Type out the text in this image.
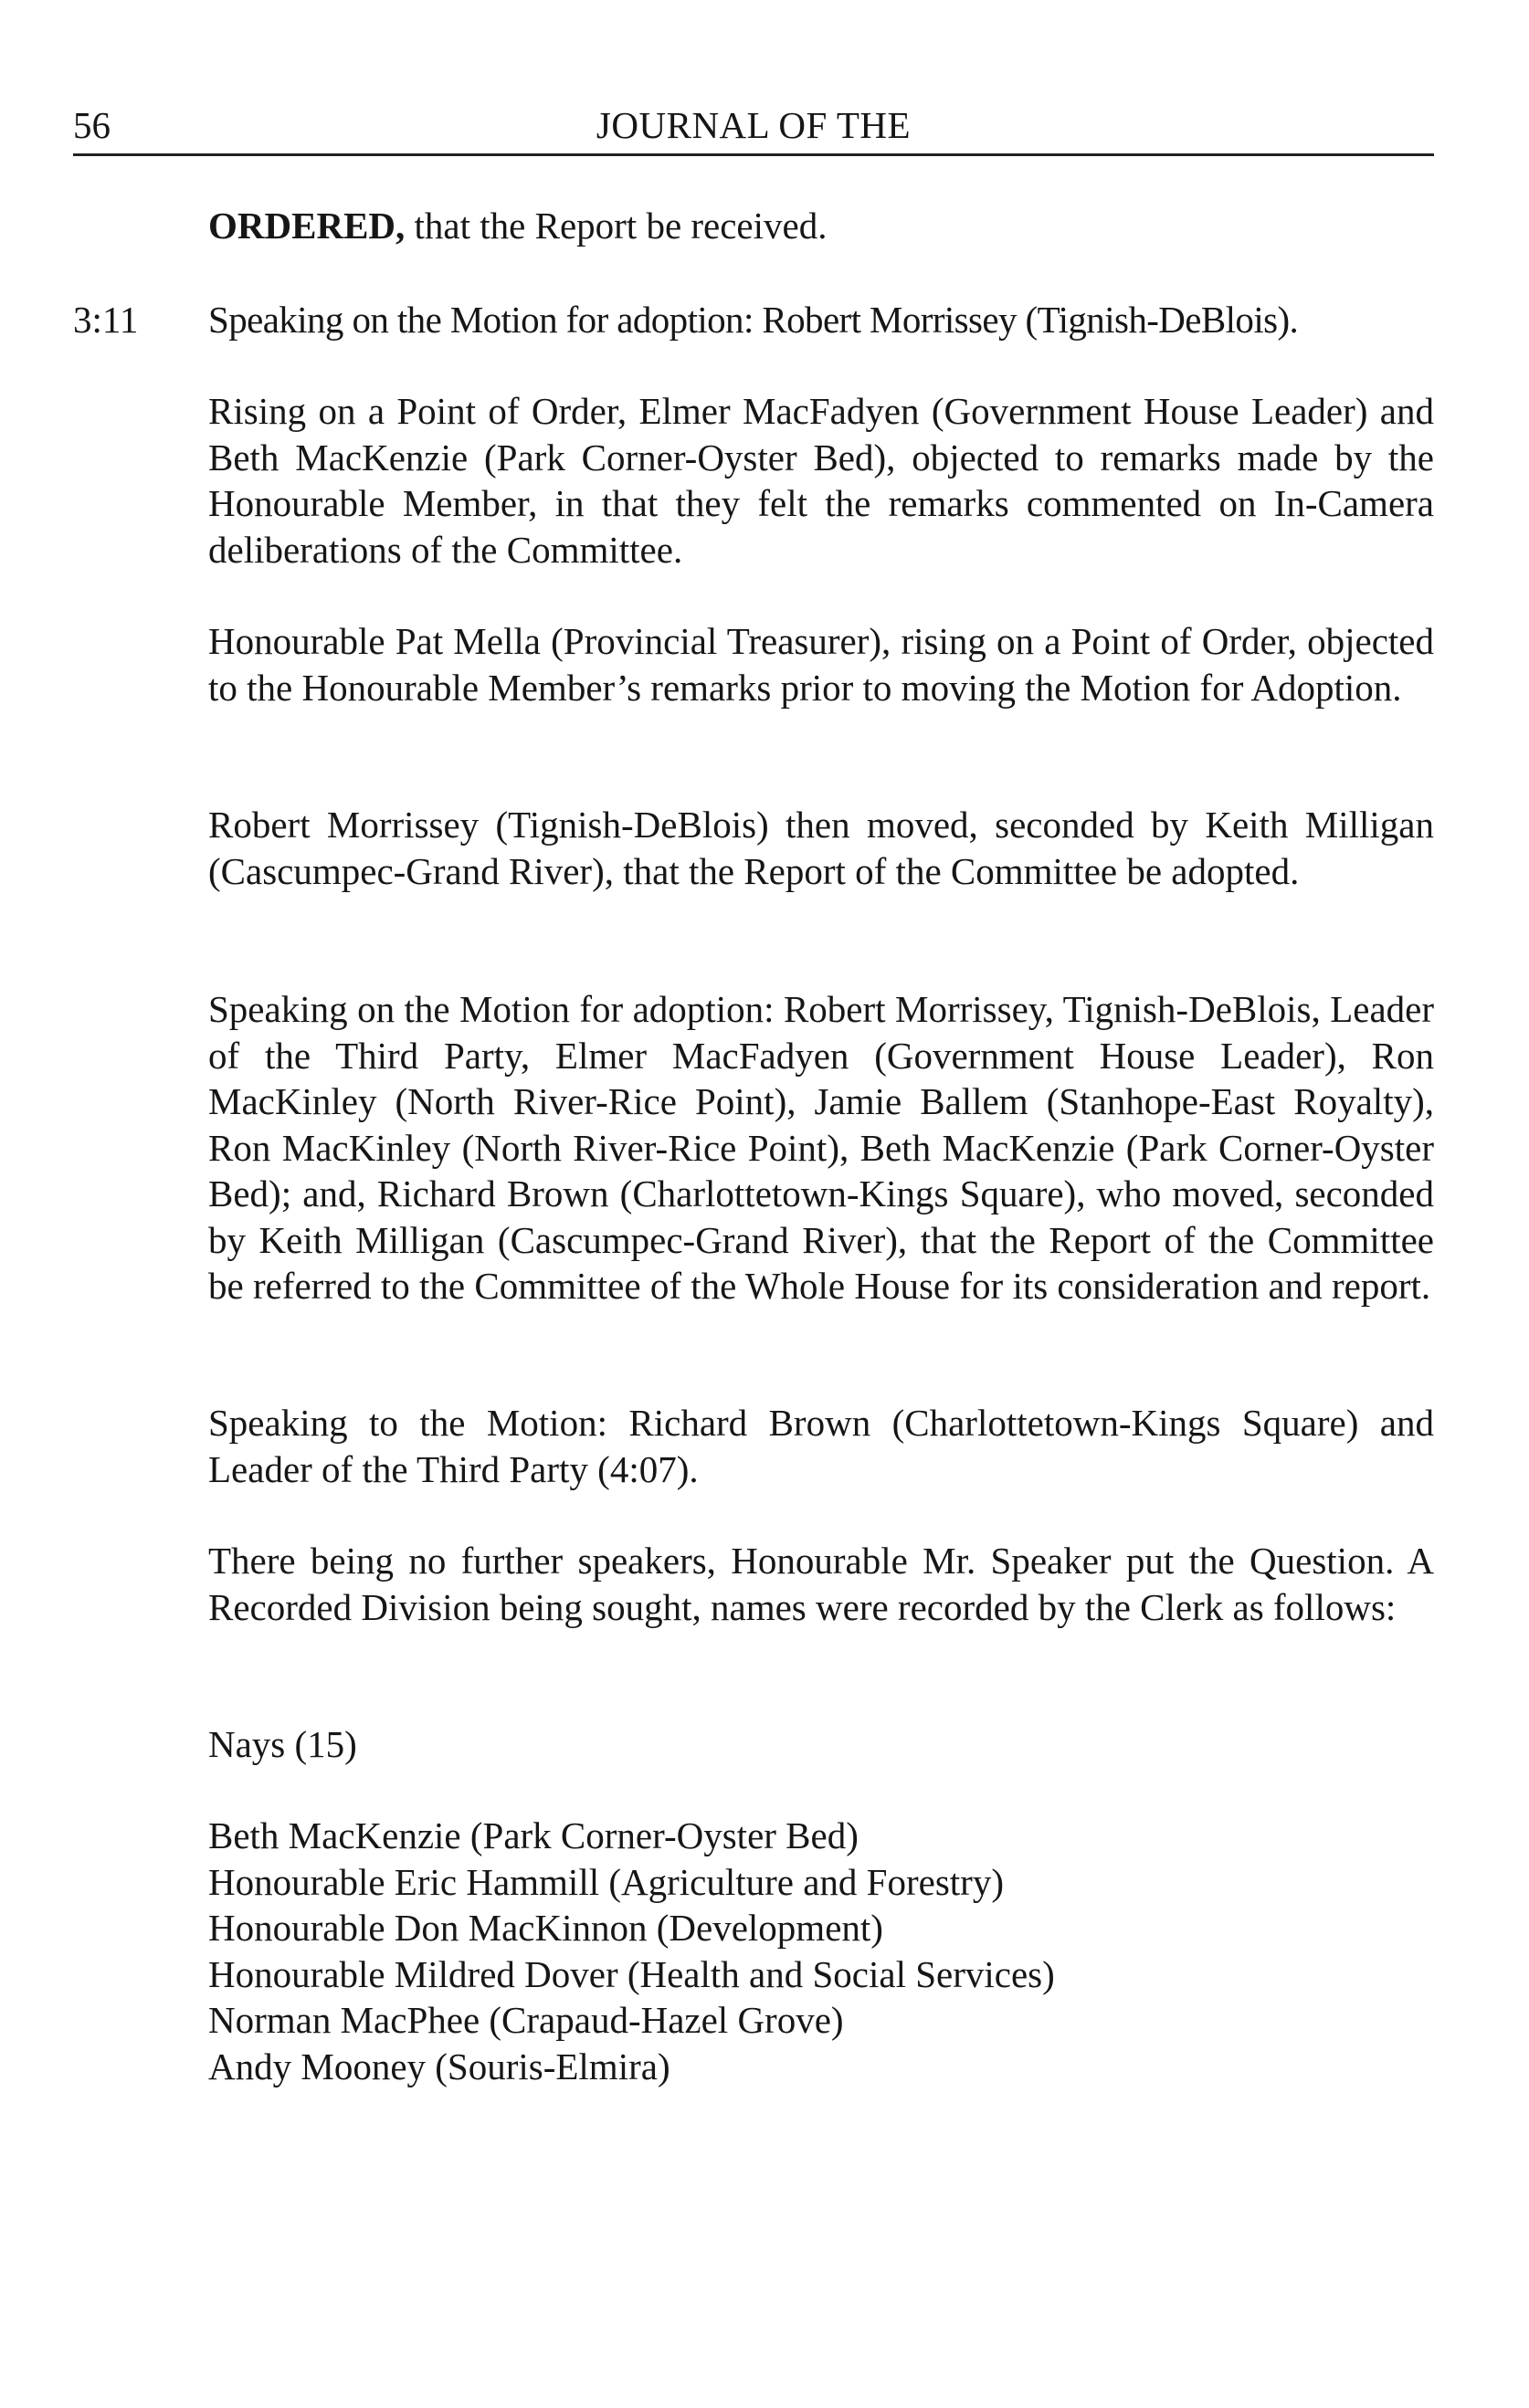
56	JOURNAL OF THE

ORDERED, that the Report be received.

3:11 Speaking on the Motion for adoption: Robert Morrissey (Tignish-DeBlois).

Rising on a Point of Order, Elmer MacFadyen (Government House Leader) and Beth MacKenzie (Park Corner-Oyster Bed), objected to remarks made by the Honourable Member, in that they felt the remarks commented on In-Camera deliberations of the Committee.

Honourable Pat Mella (Provincial Treasurer), rising on a Point of Order, objected to the Honourable Member’s remarks prior to moving the Motion for Adoption.

Robert Morrissey (Tignish-DeBlois) then moved, seconded by Keith Milligan (Cascumpec-Grand River), that the Report of the Committee be adopted.

Speaking on the Motion for adoption: Robert Morrissey, Tignish-DeBlois, Leader of the Third Party, Elmer MacFadyen (Government House Leader), Ron MacKinley (North River-Rice Point), Jamie Ballem (Stanhope-East Royalty), Ron MacKinley (North River-Rice Point), Beth MacKenzie (Park Corner-Oyster Bed); and, Richard Brown (Charlottetown-Kings Square), who moved, seconded by Keith Milligan (Cascumpec-Grand River), that the Report of the Committee be referred to the Committee of the Whole House for its consideration and report.

Speaking to the Motion: Richard Brown (Charlottetown-Kings Square) and Leader of the Third Party (4:07).

There being no further speakers, Honourable Mr. Speaker put the Question. A Recorded Division being sought, names were recorded by the Clerk as follows:

Nays (15)

Beth MacKenzie (Park Corner-Oyster Bed)
Honourable Eric Hammill (Agriculture and Forestry)
Honourable Don MacKinnon (Development)
Honourable Mildred Dover (Health and Social Services)
Norman MacPhee (Crapaud-Hazel Grove)
Andy Mooney (Souris-Elmira)
